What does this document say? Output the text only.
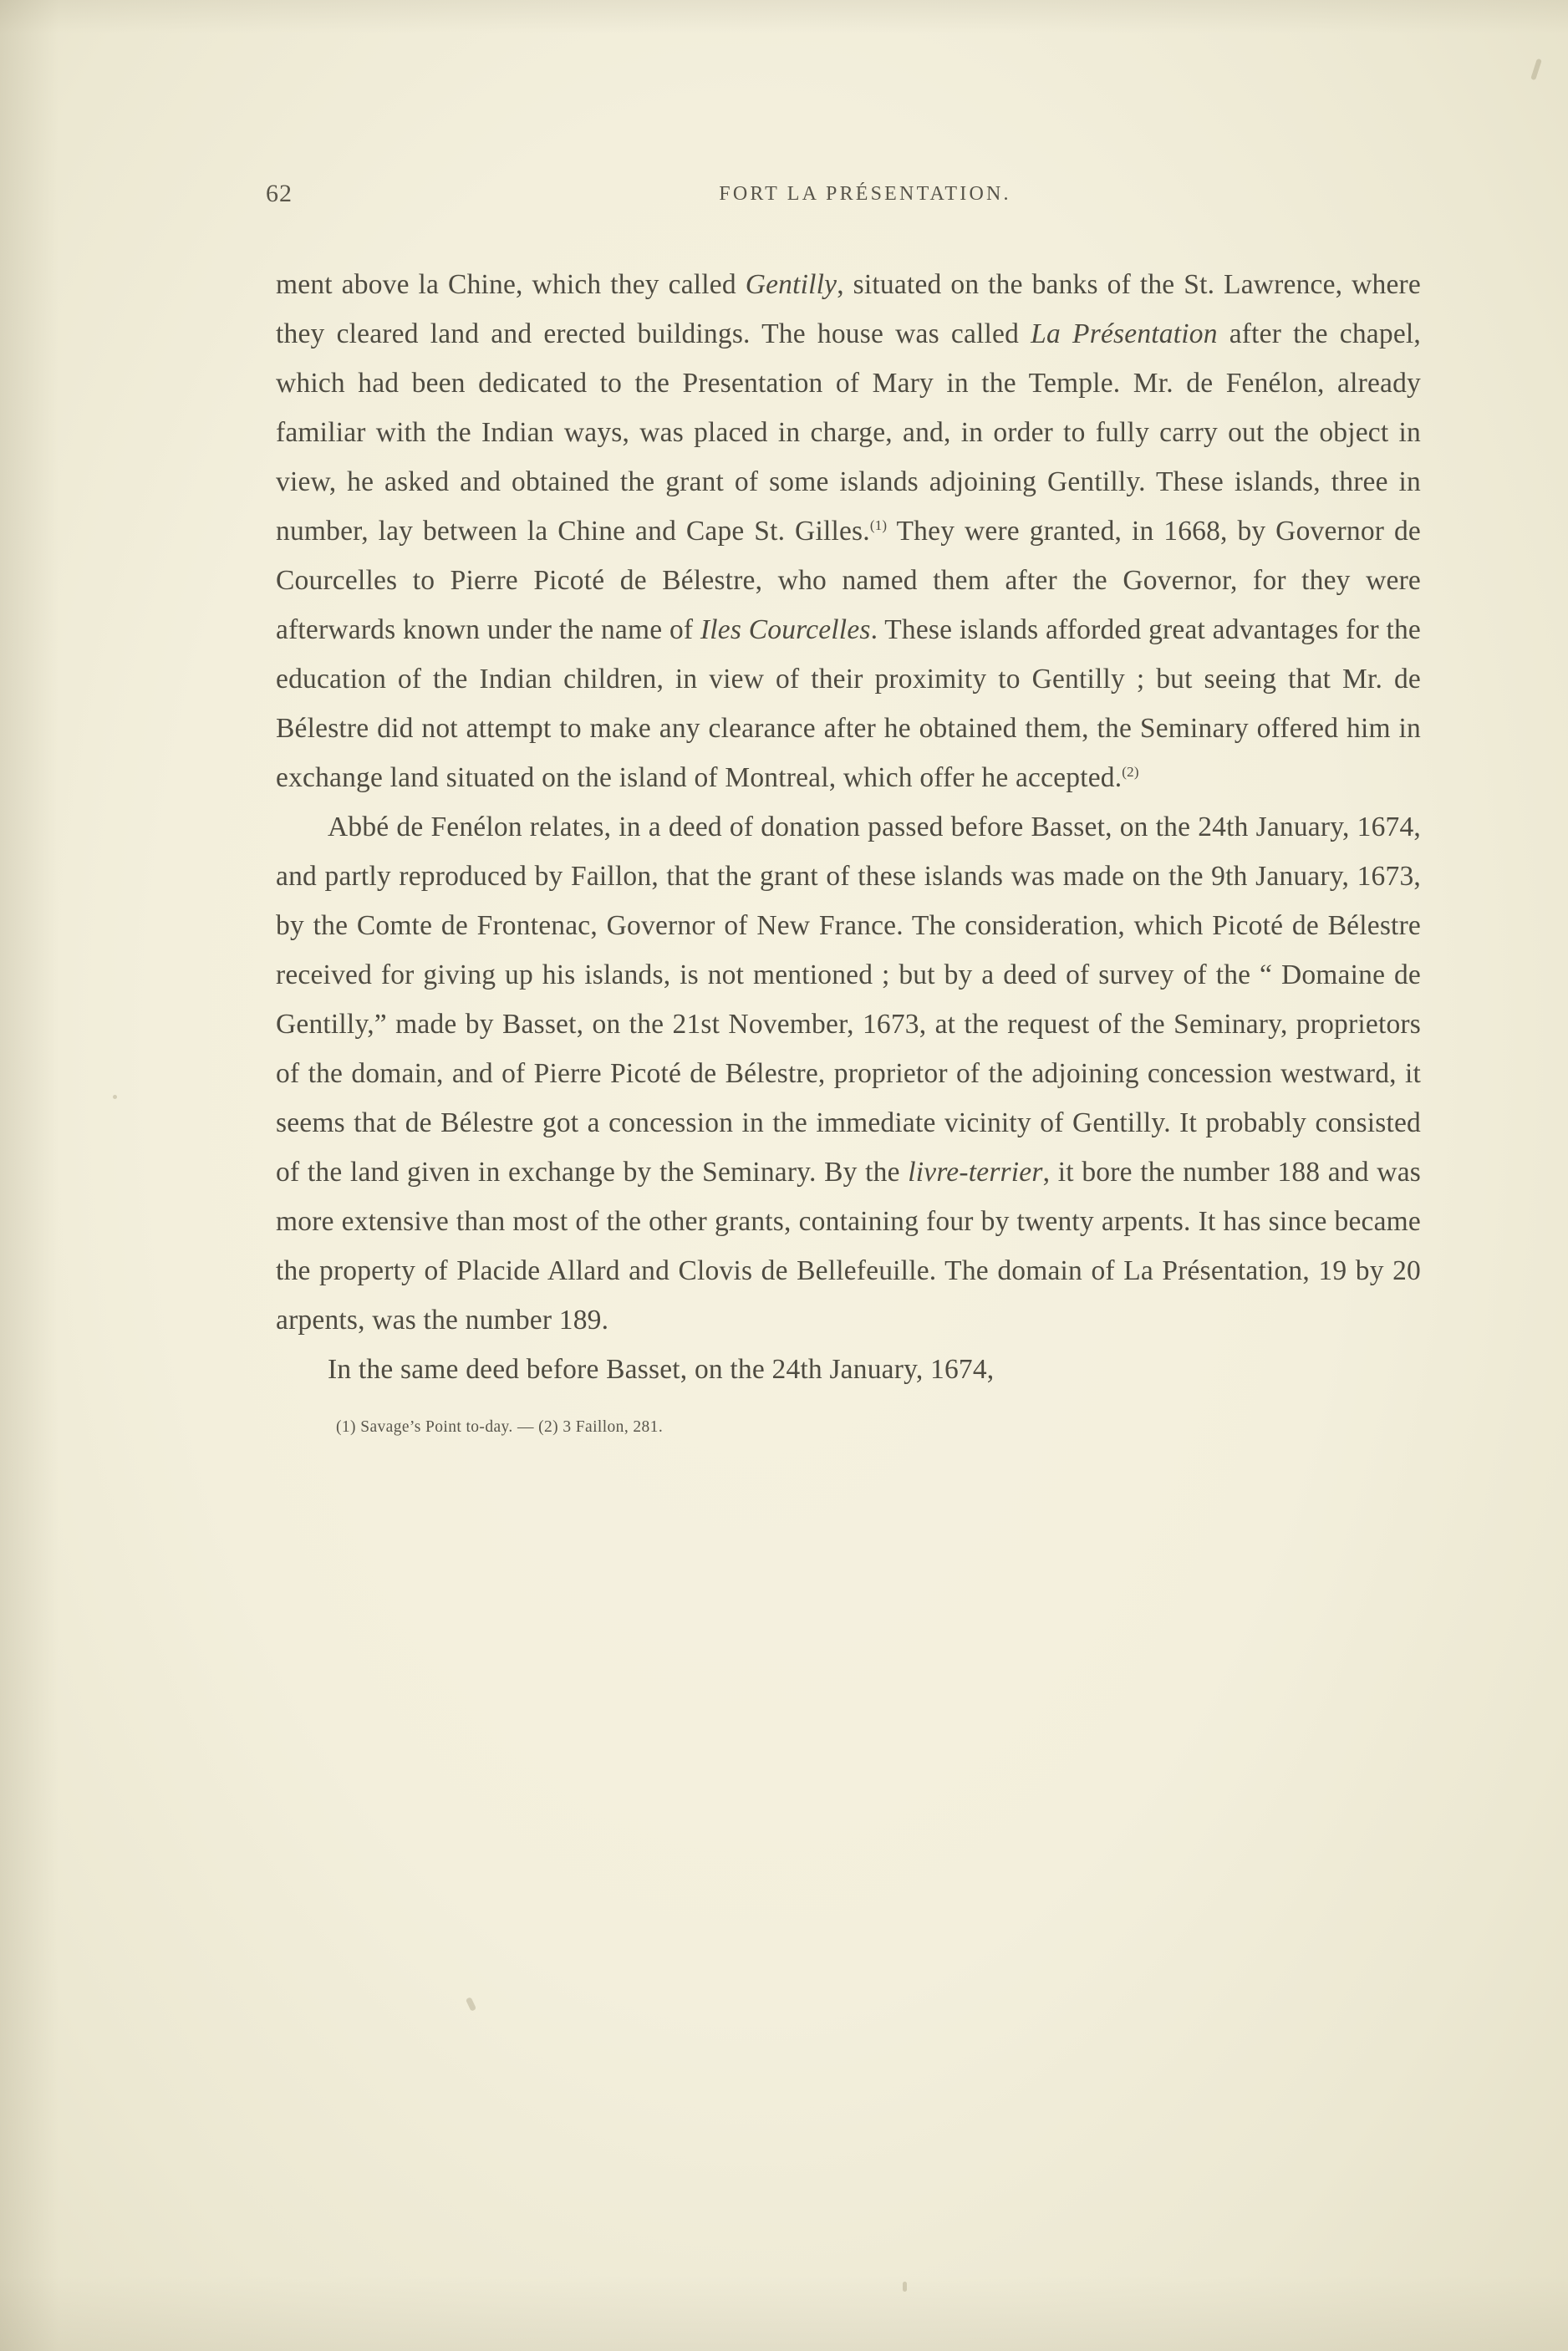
62	FORT LA PRÉSENTATION.

ment above la Chine, which they called Gentilly, situated on the banks of the St. Lawrence, where they cleared land and erected buildings. The house was called La Présentation after the chapel, which had been dedicated to the Presentation of Mary in the Temple. Mr. de Fenélon, already familiar with the Indian ways, was placed in charge, and, in order to fully carry out the object in view, he asked and obtained the grant of some islands adjoining Gentilly. These islands, three in number, lay between la Chine and Cape St. Gilles.$^{(1)}$ They were granted, in 1668, by Governor de Courcelles to Pierre Picoté de Bélestre, who named them after the Governor, for they were afterwards known under the name of Iles Courcelles. These islands afforded great advantages for the education of the Indian children, in view of their proximity to Gentilly ; but seeing that Mr. de Bélestre did not attempt to make any clearance after he obtained them, the Seminary offered him in exchange land situated on the island of Montreal, which offer he accepted.$^{(2)}$

Abbé de Fenélon relates, in a deed of donation passed before Basset, on the 24th January, 1674, and partly reproduced by Faillon, that the grant of these islands was made on the 9th January, 1673, by the Comte de Frontenac, Governor of New France. The consideration, which Picoté de Bélestre received for giving up his islands, is not mentioned ; but by a deed of survey of the “ Domaine de Gentilly,” made by Basset, on the 21st November, 1673, at the request of the Seminary, proprietors of the domain, and of Pierre Picoté de Bélestre, proprietor of the adjoining concession westward, it seems that de Bélestre got a concession in the immediate vicinity of Gentilly. It probably consisted of the land given in exchange by the Seminary. By the livre-terrier, it bore the number 188 and was more extensive than most of the other grants, containing four by twenty arpents. It has since became the property of Placide Allard and Clovis de Bellefeuille. The domain of La Présentation, 19 by 20 arpents, was the number 189.

In the same deed before Basset, on the 24th January, 1674,

(1) Savage’s Point to-day. — (2) 3 Faillon, 281.
